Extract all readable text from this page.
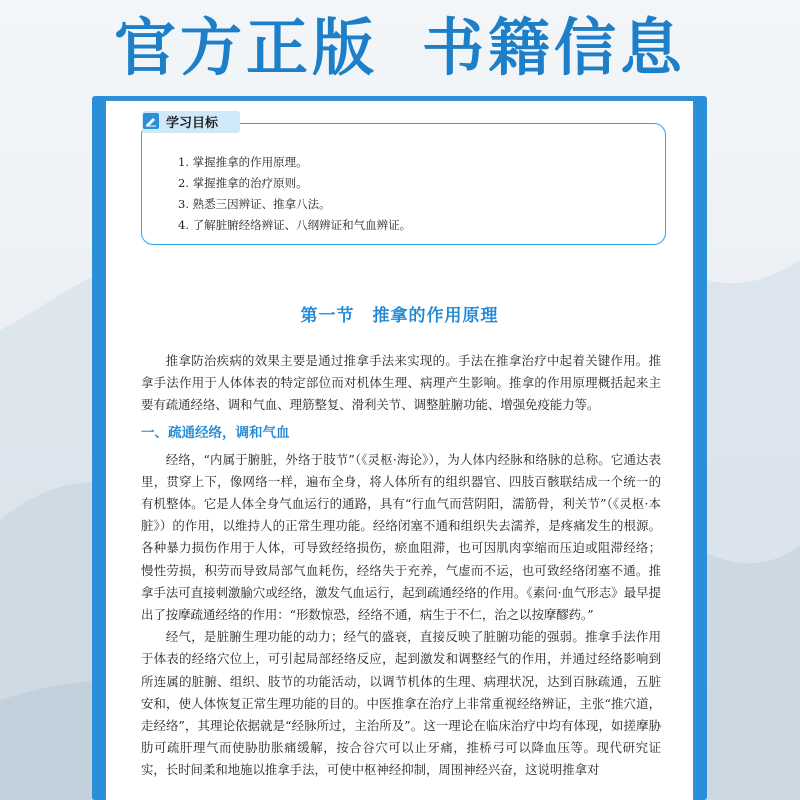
官方正版 书籍信息
学习目标
1. 掌握推拿的作用原理。
2. 掌握推拿的治疗原则。
3. 熟悉三因辨证、推拿八法。
4. 了解脏腑经络辨证、八纲辨证和气血辨证。
第一节　推拿的作用原理

推拿防治疾病的效果主要是通过推拿手法来实现的。手法在推拿治疗中起着关键作用。推拿手法作用于人体体表的特定部位而对机体生理、病理产生影响。推拿的作用原理概括起来主要有疏通经络、调和气血、理筋整复、滑利关节、调整脏腑功能、增强免疫能力等。

一、疏通经络，调和气血

经络，“内属于腑脏，外络于肢节”（《灵枢·海论》），为人体内经脉和络脉的总称。它通达表里，贯穿上下，像网络一样，遍布全身，将人体所有的组织器官、四肢百骸联结成一个统一的有机整体。它是人体全身气血运行的通路，具有“行血气而营阴阳，濡筋骨，利关节”（《灵枢·本脏》）的作用，以维持人的正常生理功能。经络闭塞不通和组织失去濡养，是疼痛发生的根源。各种暴力损伤作用于人体，可导致经络损伤，瘀血阻滞，也可因肌肉挛缩而压迫或阻滞经络；慢性劳损，积劳而导致局部气血耗伤，经络失于充养，气虚而不运，也可致经络闭塞不通。推拿手法可直接刺激腧穴或经络，激发气血运行，起到疏通经络的作用。《素问·血气形志》最早提出了按摩疏通经络的作用：“形数惊恐，经络不通，病生于不仁，治之以按摩醪药。”

经气，是脏腑生理功能的动力；经气的盛衰，直接反映了脏腑功能的强弱。推拿手法作用于体表的经络穴位上，可引起局部经络反应，起到激发和调整经气的作用，并通过经络影响到所连属的脏腑、组织、肢节的功能活动，以调节机体的生理、病理状况，达到百脉疏通，五脏安和，使人体恢复正常生理功能的目的。中医推拿在治疗上非常重视经络辨证，主张“推穴道，走经络”，其理论依据就是“经脉所过，主治所及”。这一理论在临床治疗中均有体现，如搓摩胁肋可疏肝理气而使胁肋胀痛缓解，按合谷穴可以止牙痛，推桥弓可以降血压等。现代研究证实，长时间柔和地施以推拿手法，可使中枢神经抑制，周围神经兴奋，这说明推拿对
